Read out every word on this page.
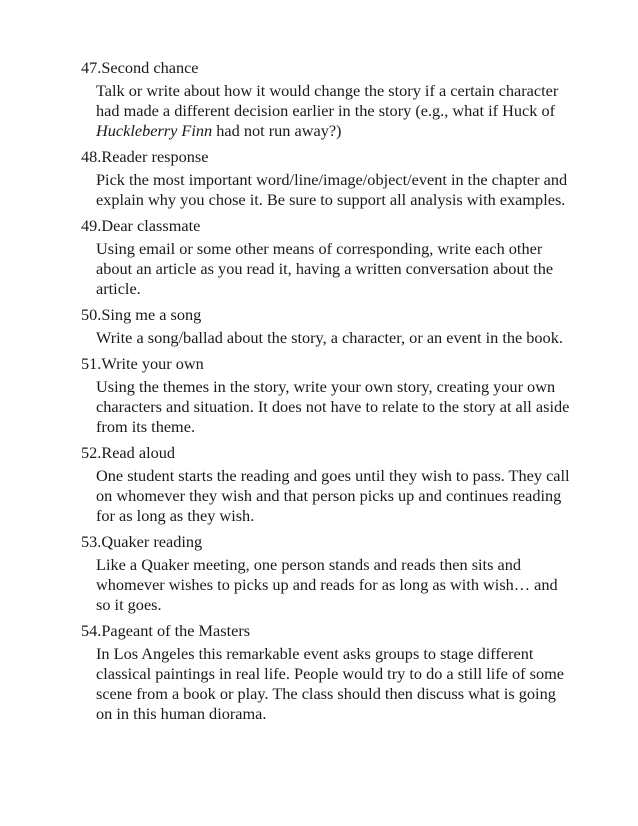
47.Second chance
Talk or write about how it would change the story if a certain character had made a different decision earlier in the story (e.g., what if Huck of Huckleberry Finn had not run away?)
48.Reader response
Pick the most important word/line/image/object/event in the chapter and explain why you chose it. Be sure to support all analysis with examples.
49.Dear classmate
Using email or some other means of corresponding, write each other about an article as you read it, having a written conversation about the article.
50.Sing me a song
Write a song/ballad about the story, a character, or an event in the book.
51.Write your own
Using the themes in the story, write your own story, creating your own characters and situation. It does not have to relate to the story at all aside from its theme.
52.Read aloud
One student starts the reading and goes until they wish to pass. They call on whomever they wish and that person picks up and continues reading for as long as they wish.
53.Quaker reading
Like a Quaker meeting, one person stands and reads then sits and whomever wishes to picks up and reads for as long as with wish… and so it goes.
54.Pageant of the Masters
In Los Angeles this remarkable event asks groups to stage different classical paintings in real life. People would try to do a still life of some scene from a book or play. The class should then discuss what is going on in this human diorama.
